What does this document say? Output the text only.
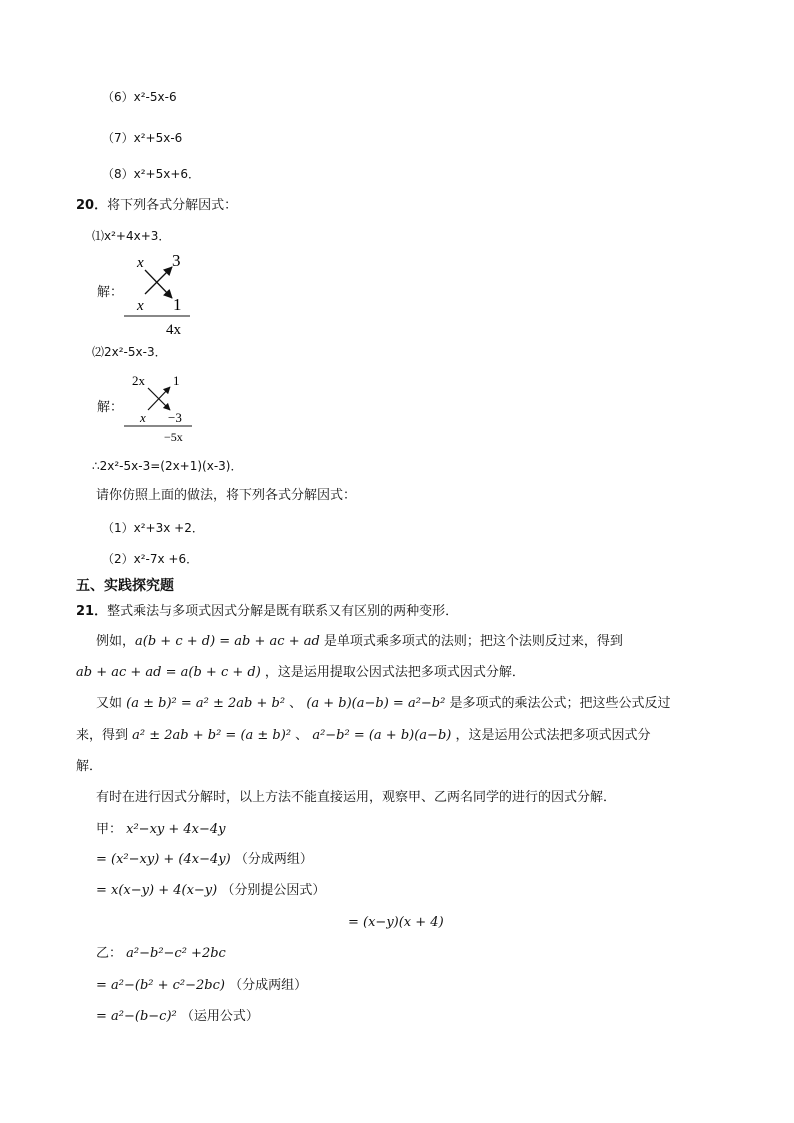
（6）x²-5x-6
（7）x²+5x-6
（8）x²+5x+6．
20．将下列各式分解因式：
⑴x²+4x+3．
解：
x 3
x 1
4x
⑵2x²-5x-3．
解：
2x 1
x −3
−5x
∴2x²-5x-3=(2x+1)(x-3)．
请你仿照上面的做法，将下列各式分解因式：
（1）x²+3x +2．
（2）x²-7x +6．
五、实践探究题
21．整式乘法与多项式因式分解是既有联系又有区别的两种变形．
例如，a(b + c + d) = ab + ac + ad 是单项式乘多项式的法则；把这个法则反过来，得到
ab + ac + ad = a(b + c + d) ，这是运用提取公因式法把多项式因式分解．
又如 (a ± b)² = a² ± 2ab + b² 、 (a + b)(a−b) = a²−b² 是多项式的乘法公式；把这些公式反过
来，得到 a² ± 2ab + b² = (a ± b)² 、 a²−b² = (a + b)(a−b) ，这是运用公式法把多项式因式分
解．
有时在进行因式分解时，以上方法不能直接运用，观察甲、乙两名同学的进行的因式分解．
甲： x²−xy + 4x−4y
= (x²−xy) + (4x−4y) （分成两组）
= x(x−y) + 4(x−y) （分别提公因式）
= (x−y)(x + 4)
乙： a²−b²−c² +2bc
= a²−(b² + c²−2bc) （分成两组）
= a²−(b−c)² （运用公式）
